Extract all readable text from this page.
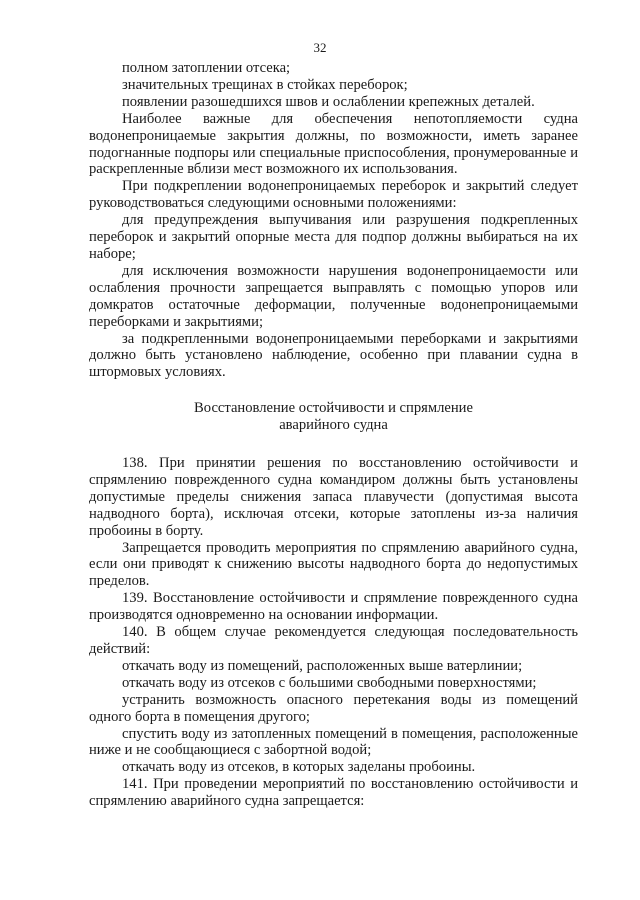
32

полном затоплении отсека;

значительных трещинах в стойках переборок;

появлении разошедшихся швов и ослаблении крепежных деталей.

Наиболее важные для обеспечения непотопляемости судна водонепроницаемые закрытия должны, по возможности, иметь заранее подогнанные подпоры или специальные приспособления, пронумерованные и раскрепленные вблизи мест возможного их использования.

При подкреплении водонепроницаемых переборок и закрытий следует руководствоваться следующими основными положениями:

для предупреждения выпучивания или разрушения подкрепленных переборок и закрытий опорные места для подпор должны выбираться на их наборе;

для исключения возможности нарушения водонепроницаемости или ослабления прочности запрещается выправлять с помощью упоров или домкратов остаточные деформации, полученные водонепроницаемыми переборками и закрытиями;

за подкрепленными водонепроницаемыми переборками и закрытиями должно быть установлено наблюдение, особенно при плавании судна в штормовых условиях.

Восстановление остойчивости и спрямление

аварийного судна

138. При принятии решения по восстановлению остойчивости и спрямлению поврежденного судна командиром должны быть установлены допустимые пределы снижения запаса плавучести (допустимая высота надводного борта), исключая отсеки, которые затоплены из-за наличия пробоины в борту.

Запрещается проводить мероприятия по спрямлению аварийного судна, если они приводят к снижению высоты надводного борта до недопустимых пределов.

139. Восстановление остойчивости и спрямление поврежденного судна производятся одновременно на основании информации.

140. В общем случае рекомендуется следующая последовательность действий:

откачать воду из помещений, расположенных выше ватерлинии;

откачать воду из отсеков с большими свободными поверхностями;

устранить возможность опасного перетекания воды из помещений одного борта в помещения другого;

спустить воду из затопленных помещений в помещения, расположенные ниже и не сообщающиеся с забортной водой;

откачать воду из отсеков, в которых заделаны пробоины.

141. При проведении мероприятий по восстановлению остойчивости и спрямлению аварийного судна запрещается:
